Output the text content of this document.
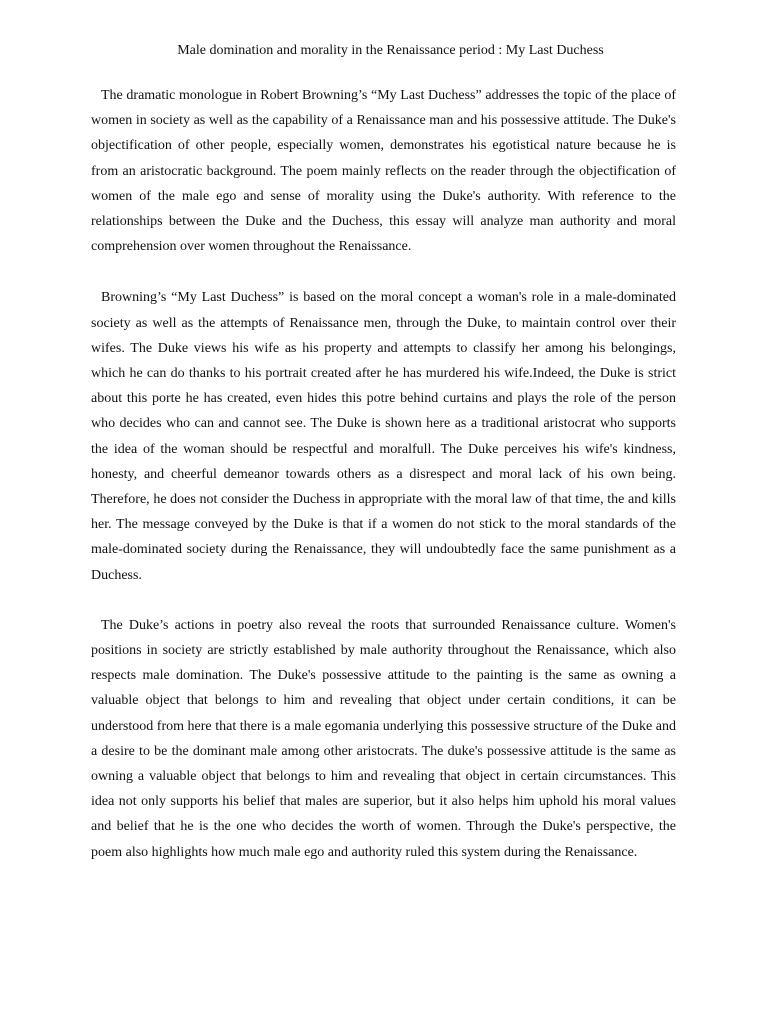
Male domination and morality in the Renaissance period : My Last Duchess

The dramatic monologue in Robert Browning’s “My Last Duchess” addresses the topic of the place of women in society as well as the capability of a Renaissance man and his possessive attitude. The Duke's objectification of other people, especially women, demonstrates his egotistical nature because he is from an aristocratic background. The poem mainly reflects on the reader through the objectification of women of the male ego and sense of morality using the Duke's authority. With reference to the relationships between the Duke and the Duchess, this essay will analyze man authority and moral comprehension over women throughout the Renaissance.

Browning’s “My Last Duchess” is based on the moral concept a woman's role in a male-dominated society as well as the attempts of Renaissance men, through the Duke, to maintain control over their wifes. The Duke views his wife as his property and attempts to classify her among his belongings, which he can do thanks to his portrait created after he has murdered his wife.Indeed, the Duke is strict about this porte he has created, even hides this potre behind curtains and plays the role of the person who decides who can and cannot see. The Duke is shown here as a traditional aristocrat who supports the idea of the woman should be respectful and moralfull. The Duke perceives his wife's kindness, honesty, and cheerful demeanor towards others as a disrespect and moral lack of his own being. Therefore, he does not consider the Duchess in appropriate with the moral law of that time, the and kills her. The message conveyed by the Duke is that if a women do not stick to the moral standards of the male-dominated society during the Renaissance, they will undoubtedly face the same punishment as a Duchess.

The Duke’s actions in poetry also reveal the roots that surrounded Renaissance culture. Women's positions in society are strictly established by male authority throughout the Renaissance, which also respects male domination. The Duke's possessive attitude to the painting is the same as owning a valuable object that belongs to him and revealing that object under certain conditions, it can be understood from here that there is a male egomania underlying this possessive structure of the Duke and a desire to be the dominant male among other aristocrats. The duke's possessive attitude is the same as owning a valuable object that belongs to him and revealing that object in certain circumstances. This idea not only supports his belief that males are superior, but it also helps him uphold his moral values and belief that he is the one who decides the worth of women. Through the Duke's perspective, the poem also highlights how much male ego and authority ruled this system during the Renaissance.
